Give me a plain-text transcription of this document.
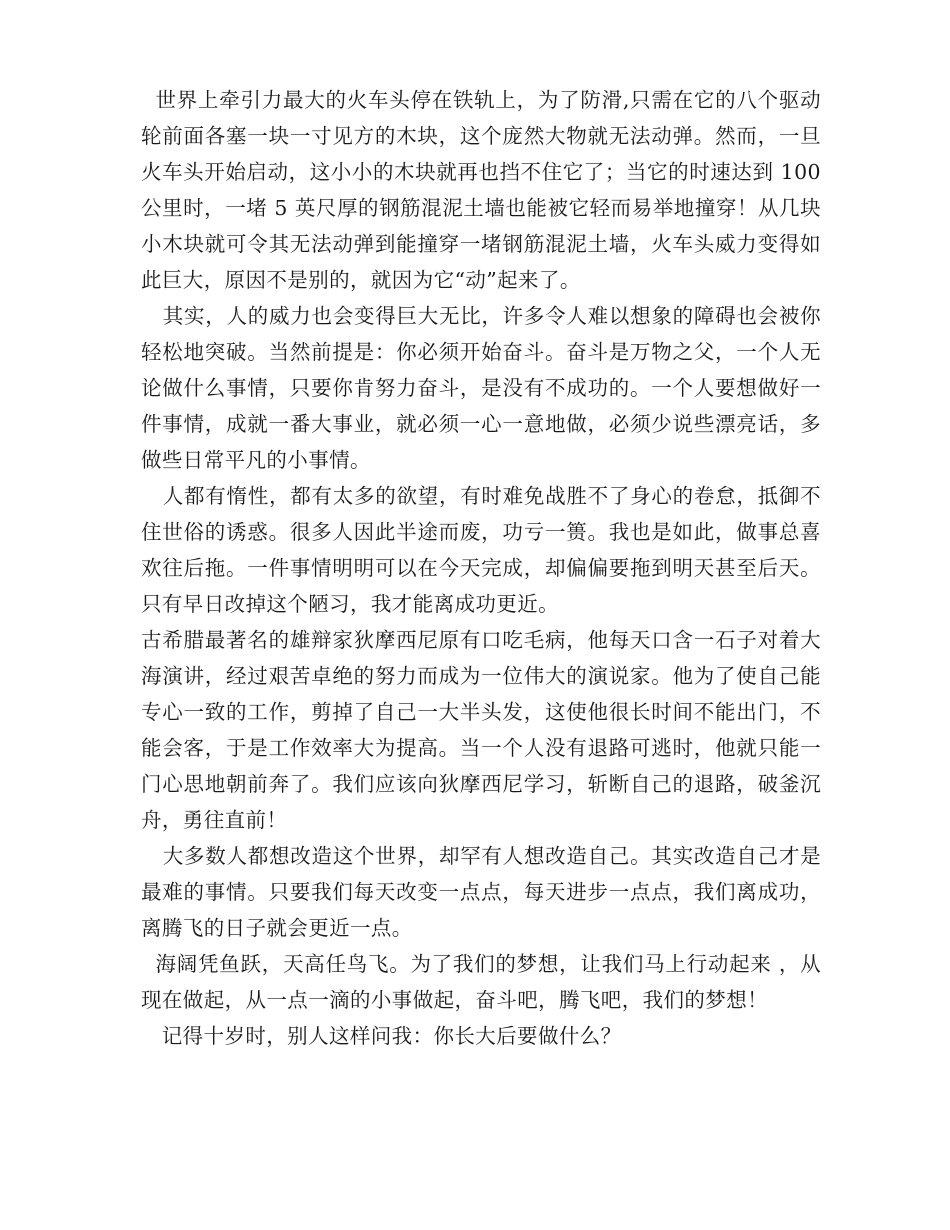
世界上牵引力最大的火车头停在铁轨上，为了防滑,只需在它的八个驱动轮前面各塞一块一寸见方的木块，这个庞然大物就无法动弹。然而，一旦火车头开始启动，这小小的木块就再也挡不住它了；当它的时速达到 100 公里时，一堵 5 英尺厚的钢筋混泥土墙也能被它轻而易举地撞穿！从几块小木块就可令其无法动弹到能撞穿一堵钢筋混泥土墙，火车头威力变得如此巨大，原因不是别的，就因为它“动”起来了。

其实，人的威力也会变得巨大无比，许多令人难以想象的障碍也会被你轻松地突破。当然前提是：你必须开始奋斗。奋斗是万物之父，一个人无论做什么事情，只要你肯努力奋斗，是没有不成功的。一个人要想做好一件事情，成就一番大事业，就必须一心一意地做，必须少说些漂亮话，多做些日常平凡的小事情。

人都有惰性，都有太多的欲望，有时难免战胜不了身心的卷怠，抵御不住世俗的诱惑。很多人因此半途而废，功亏一篑。我也是如此，做事总喜欢往后拖。一件事情明明可以在今天完成，却偏偏要拖到明天甚至后天。只有早日改掉这个陋习，我才能离成功更近。

古希腊最著名的雄辩家狄摩西尼原有口吃毛病，他每天口含一石子对着大海演讲，经过艰苦卓绝的努力而成为一位伟大的演说家。他为了使自己能专心一致的工作，剪掉了自己一大半头发，这使他很长时间不能出门，不能会客，于是工作效率大为提高。当一个人没有退路可逃时，他就只能一门心思地朝前奔了。我们应该向狄摩西尼学习，斩断自己的退路，破釜沉舟，勇往直前！

大多数人都想改造这个世界，却罕有人想改造自己。其实改造自己才是最难的事情。只要我们每天改变一点点，每天进步一点点，我们离成功，离腾飞的日子就会更近一点。

海阔凭鱼跃，天高任鸟飞。为了我们的梦想，让我们马上行动起来 ，从现在做起，从一点一滴的小事做起，奋斗吧，腾飞吧，我们的梦想！

记得十岁时，别人这样问我：你长大后要做什么？
